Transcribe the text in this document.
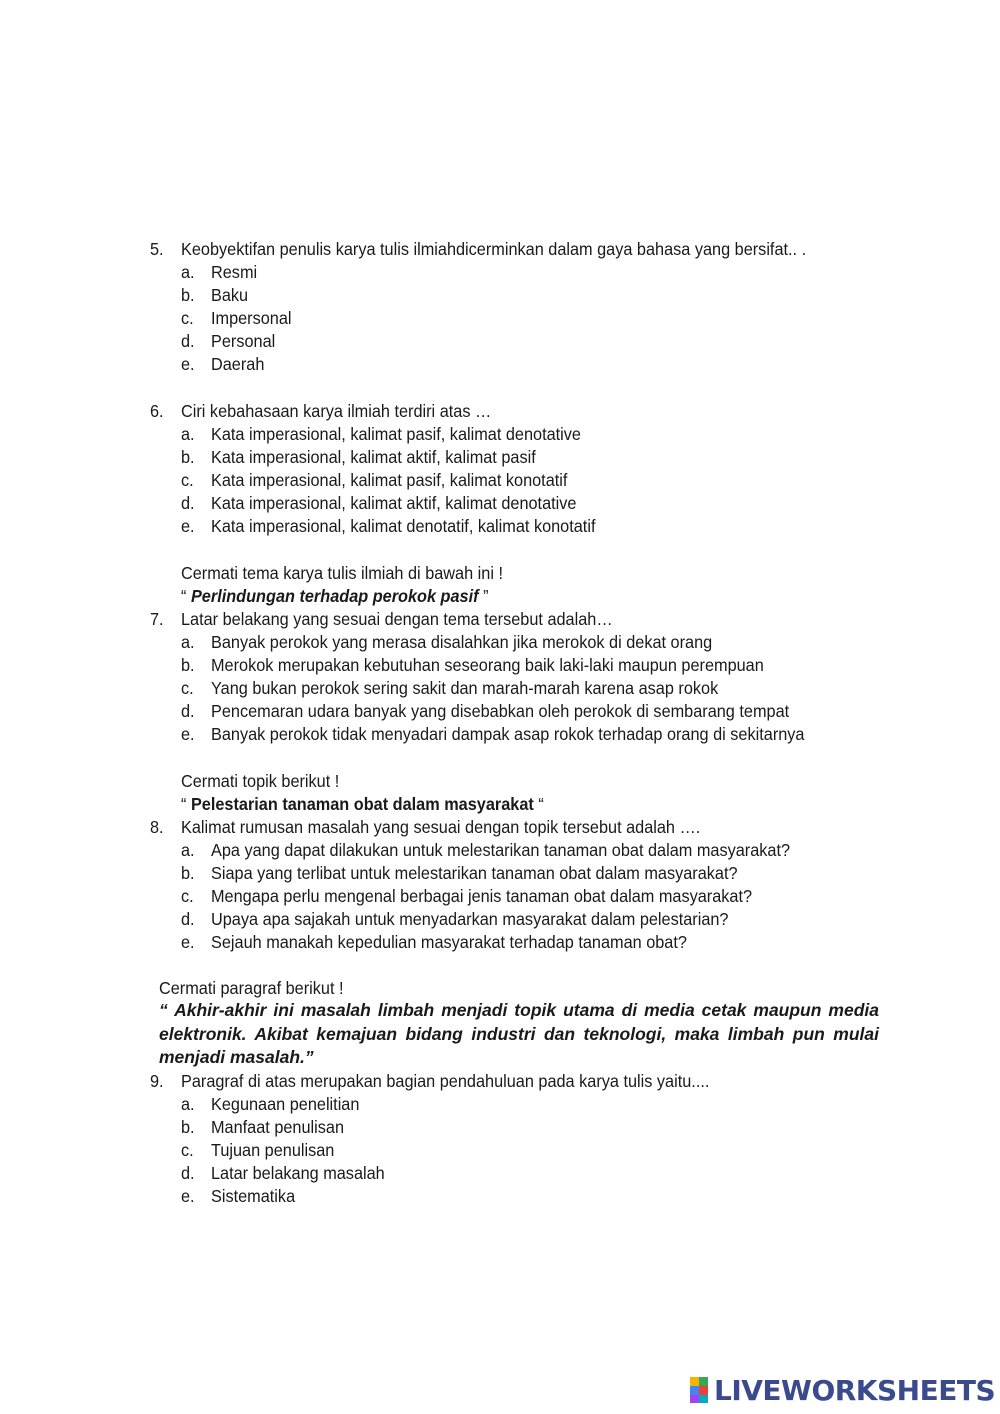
5. Keobyektifan penulis karya tulis ilmiahdicerminkan dalam gaya bahasa yang bersifat.. .
a. Resmi
b. Baku
c. Impersonal
d. Personal
e. Daerah
6. Ciri kebahasaan karya ilmiah terdiri atas …
a. Kata imperasional, kalimat pasif, kalimat denotative
b. Kata imperasional, kalimat aktif, kalimat pasif
c. Kata imperasional, kalimat pasif, kalimat konotatif
d. Kata imperasional, kalimat aktif, kalimat denotative
e. Kata imperasional, kalimat denotatif, kalimat konotatif
Cermati tema karya tulis ilmiah di bawah ini !
“ Perlindungan terhadap perokok pasif ”
7. Latar belakang yang sesuai dengan tema tersebut adalah…
a. Banyak perokok yang merasa disalahkan jika merokok di dekat orang
b. Merokok merupakan kebutuhan seseorang baik laki-laki maupun perempuan
c. Yang bukan perokok sering sakit dan marah-marah karena asap rokok
d. Pencemaran udara banyak yang disebabkan oleh perokok di sembarang tempat
e. Banyak perokok tidak menyadari dampak asap rokok terhadap orang di sekitarnya
Cermati topik berikut !
“ Pelestarian tanaman obat dalam masyarakat “
8. Kalimat rumusan masalah yang sesuai dengan topik tersebut adalah ….
a. Apa yang dapat dilakukan untuk melestarikan tanaman obat dalam masyarakat?
b. Siapa yang terlibat untuk melestarikan tanaman obat dalam masyarakat?
c. Mengapa perlu mengenal berbagai jenis tanaman obat dalam masyarakat?
d. Upaya apa sajakah untuk menyadarkan masyarakat dalam pelestarian?
e. Sejauh manakah kepedulian masyarakat terhadap tanaman obat?
Cermati paragraf berikut !
“ Akhir-akhir ini masalah limbah menjadi topik utama di media cetak maupun media elektronik. Akibat kemajuan bidang industri dan teknologi, maka limbah pun mulai menjadi masalah.”
9. Paragraf di atas merupakan bagian pendahuluan pada karya tulis yaitu....
a. Kegunaan penelitian
b. Manfaat penulisan
c. Tujuan penulisan
d. Latar belakang masalah
e. Sistematika
LIVEWORKSHEETS
